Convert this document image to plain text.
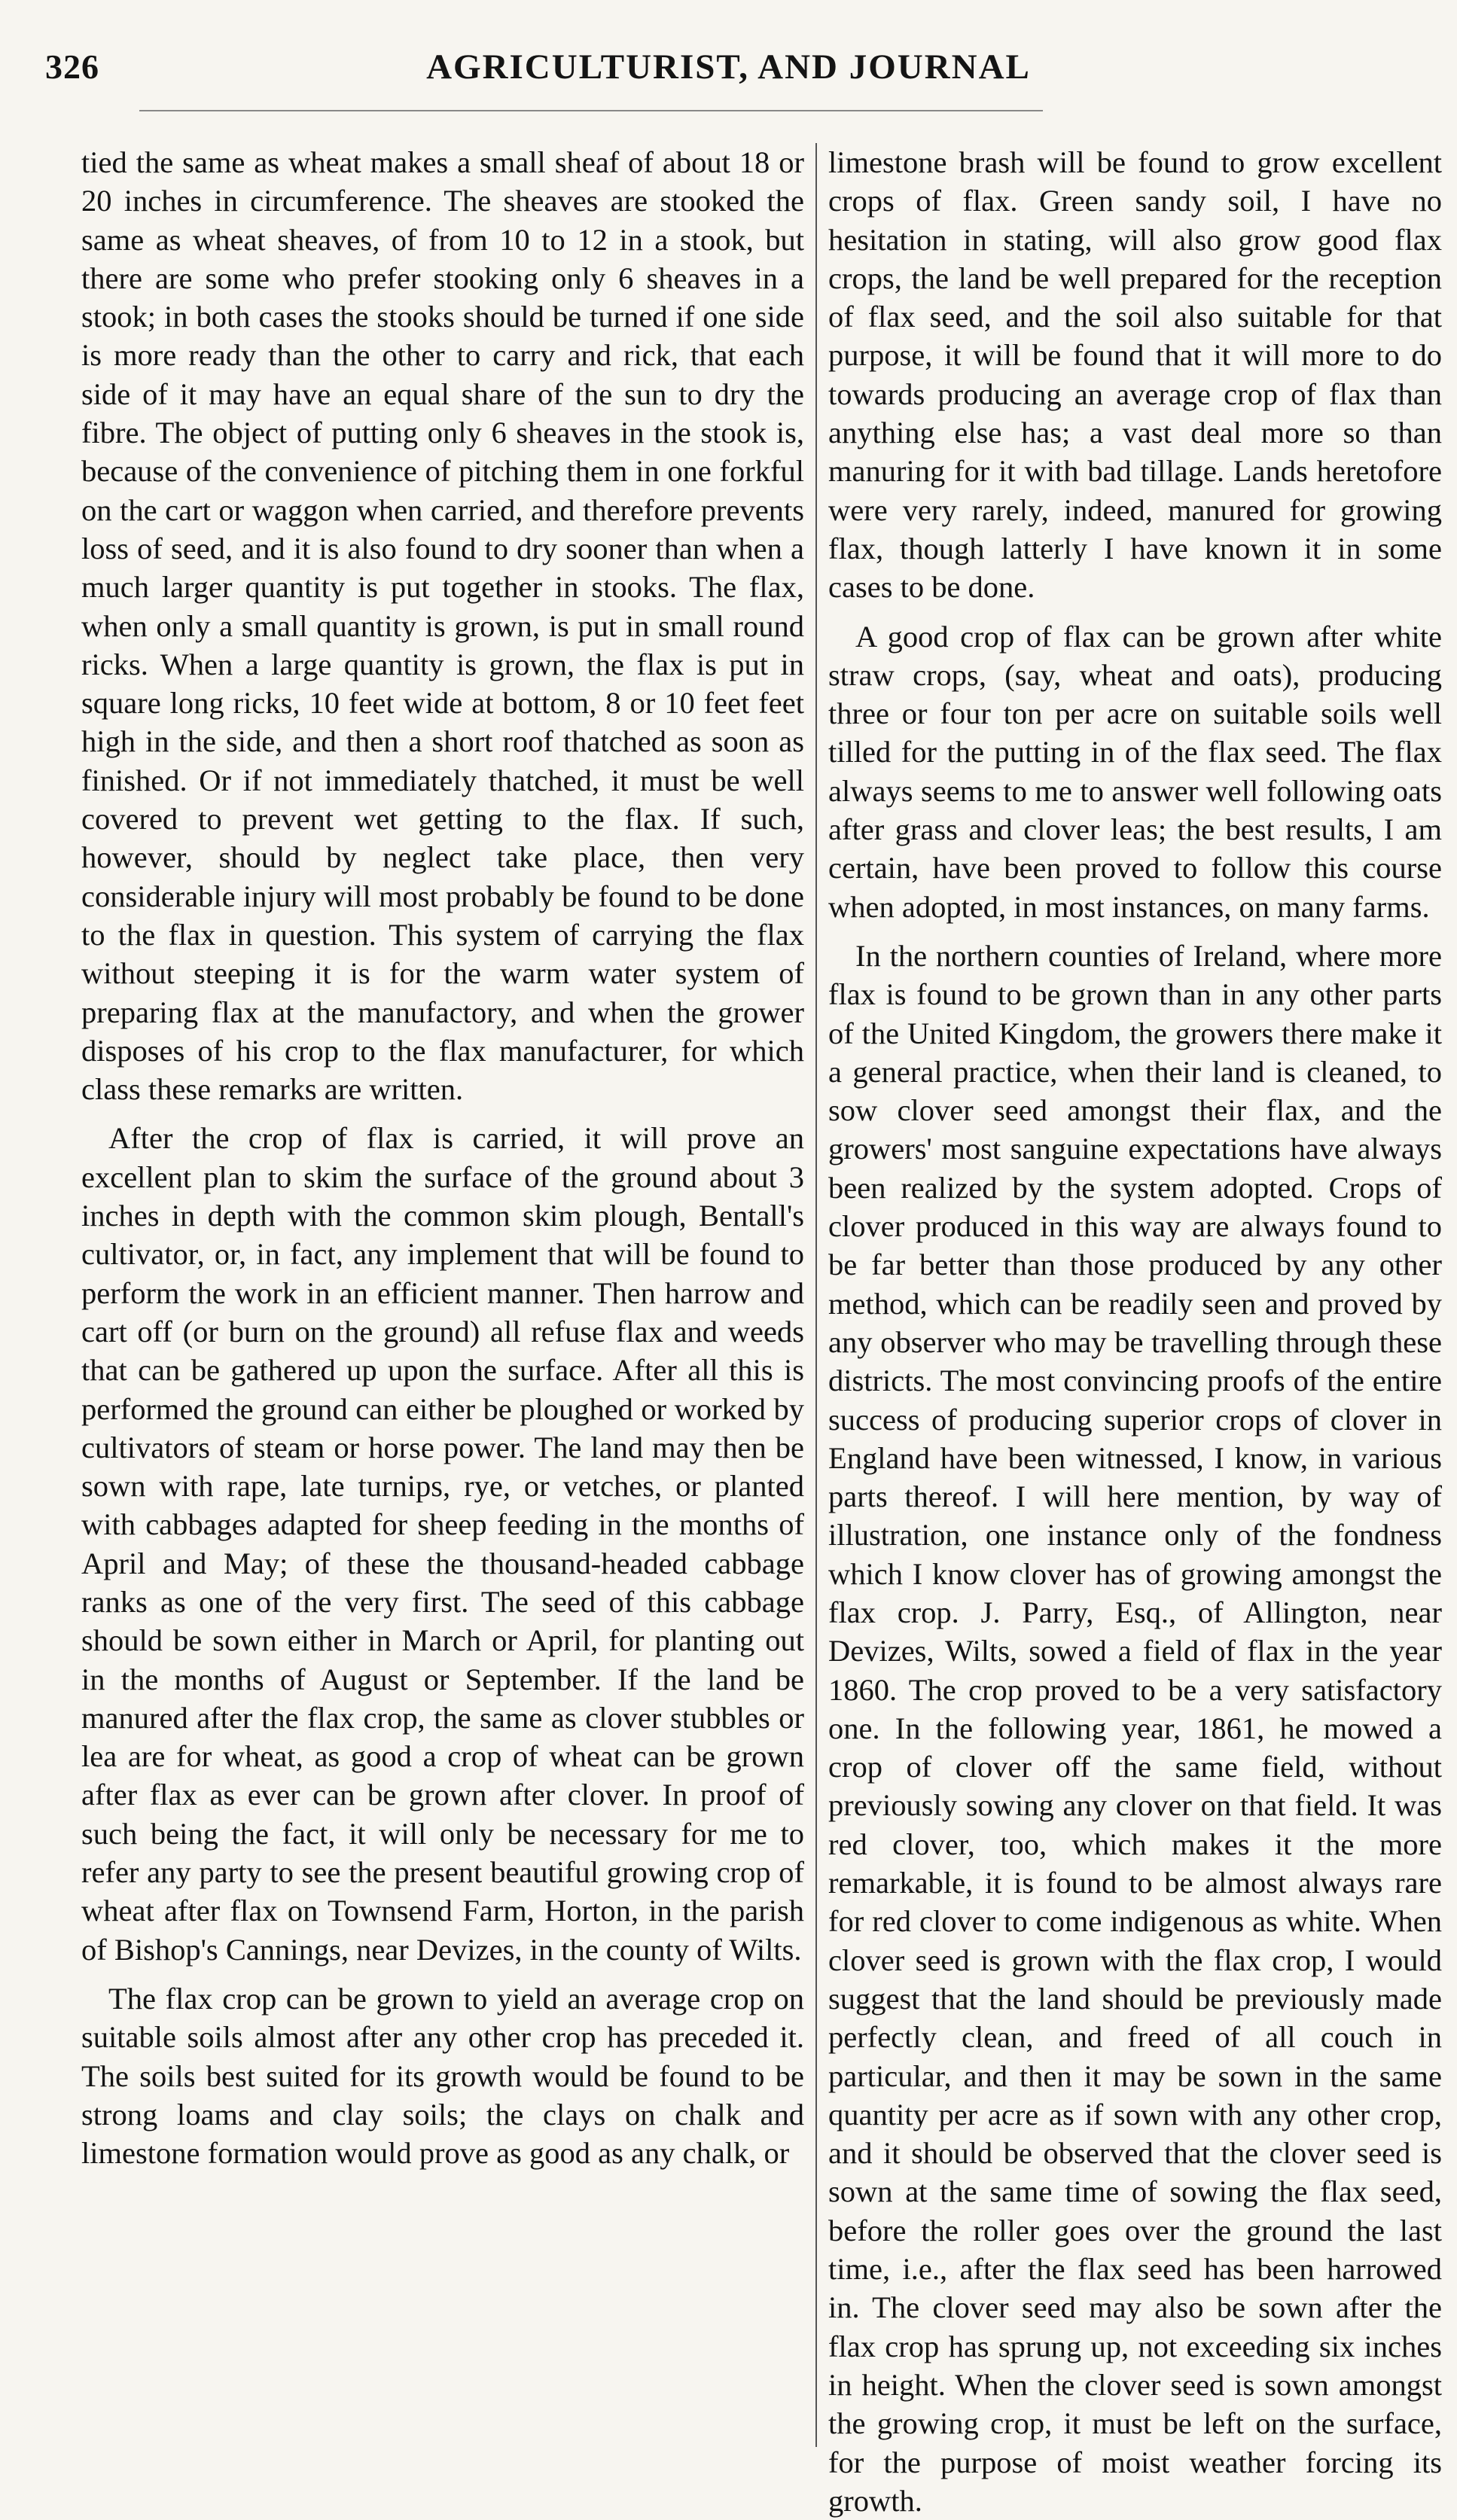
326	AGRICULTURIST, AND JOURNAL

tied the same as wheat makes a small sheaf of about 18 or 20 inches in circumference. The sheaves are stooked the same as wheat sheaves, of from 10 to 12 in a stook, but there are some who prefer stooking only 6 sheaves in a stook; in both cases the stooks should be turned if one side is more ready than the other to carry and rick, that each side of it may have an equal share of the sun to dry the fibre. The object of putting only 6 sheaves in the stook is, because of the convenience of pitching them in one forkful on the cart or waggon when carried, and therefore prevents loss of seed, and it is also found to dry sooner than when a much larger quantity is put together in stooks. The flax, when only a small quantity is grown, is put in small round ricks. When a large quantity is grown, the flax is put in square long ricks, 10 feet wide at bottom, 8 or 10 feet feet high in the side, and then a short roof thatched as soon as finished. Or if not immediately thatched, it must be well covered to prevent wet getting to the flax. If such, however, should by neglect take place, then very considerable injury will most probably be found to be done to the flax in question. This system of carrying the flax without steeping it is for the warm water system of preparing flax at the manufactory, and when the grower disposes of his crop to the flax manufacturer, for which class these remarks are written.

After the crop of flax is carried, it will prove an excellent plan to skim the surface of the ground about 3 inches in depth with the common skim plough, Bentall's cultivator, or, in fact, any implement that will be found to perform the work in an efficient manner. Then harrow and cart off (or burn on the ground) all refuse flax and weeds that can be gathered up upon the surface. After all this is performed the ground can either be ploughed or worked by cultivators of steam or horse power. The land may then be sown with rape, late turnips, rye, or vetches, or planted with cabbages adapted for sheep feeding in the months of April and May; of these the thousand-headed cabbage ranks as one of the very first. The seed of this cabbage should be sown either in March or April, for planting out in the months of August or September. If the land be manured after the flax crop, the same as clover stubbles or lea are for wheat, as good a crop of wheat can be grown after flax as ever can be grown after clover. In proof of such being the fact, it will only be necessary for me to refer any party to see the present beautiful growing crop of wheat after flax on Townsend Farm, Horton, in the parish of Bishop's Cannings, near Devizes, in the county of Wilts.

The flax crop can be grown to yield an average crop on suitable soils almost after any other crop has preceded it. The soils best suited for its growth would be found to be strong loams and clay soils; the clays on chalk and limestone formation would prove as good as any chalk, or

limestone brash will be found to grow excellent crops of flax. Green sandy soil, I have no hesitation in stating, will also grow good flax crops, the land be well prepared for the reception of flax seed, and the soil also suitable for that purpose, it will be found that it will more to do towards producing an average crop of flax than anything else has; a vast deal more so than manuring for it with bad tillage. Lands heretofore were very rarely, indeed, manured for growing flax, though latterly I have known it in some cases to be done.

A good crop of flax can be grown after white straw crops, (say, wheat and oats), producing three or four ton per acre on suitable soils well tilled for the putting in of the flax seed. The flax always seems to me to answer well following oats after grass and clover leas; the best results, I am certain, have been proved to follow this course when adopted, in most instances, on many farms.

In the northern counties of Ireland, where more flax is found to be grown than in any other parts of the United Kingdom, the growers there make it a general practice, when their land is cleaned, to sow clover seed amongst their flax, and the growers' most sanguine expectations have always been realized by the system adopted. Crops of clover produced in this way are always found to be far better than those produced by any other method, which can be readily seen and proved by any observer who may be travelling through these districts. The most convincing proofs of the entire success of producing superior crops of clover in England have been witnessed, I know, in various parts thereof. I will here mention, by way of illustration, one instance only of the fondness which I know clover has of growing amongst the flax crop. J. Parry, Esq., of Allington, near Devizes, Wilts, sowed a field of flax in the year 1860. The crop proved to be a very satisfactory one. In the following year, 1861, he mowed a crop of clover off the same field, without previously sowing any clover on that field. It was red clover, too, which makes it the more remarkable, it is found to be almost always rare for red clover to come indigenous as white. When clover seed is grown with the flax crop, I would suggest that the land should be previously made perfectly clean, and freed of all couch in particular, and then it may be sown in the same quantity per acre as if sown with any other crop, and it should be observed that the clover seed is sown at the same time of sowing the flax seed, before the roller goes over the ground the last time, i.e., after the flax seed has been harrowed in. The clover seed may also be sown after the flax crop has sprung up, not exceeding six inches in height. When the clover seed is sown amongst the growing crop, it must be left on the surface, for the purpose of moist weather forcing its growth.
